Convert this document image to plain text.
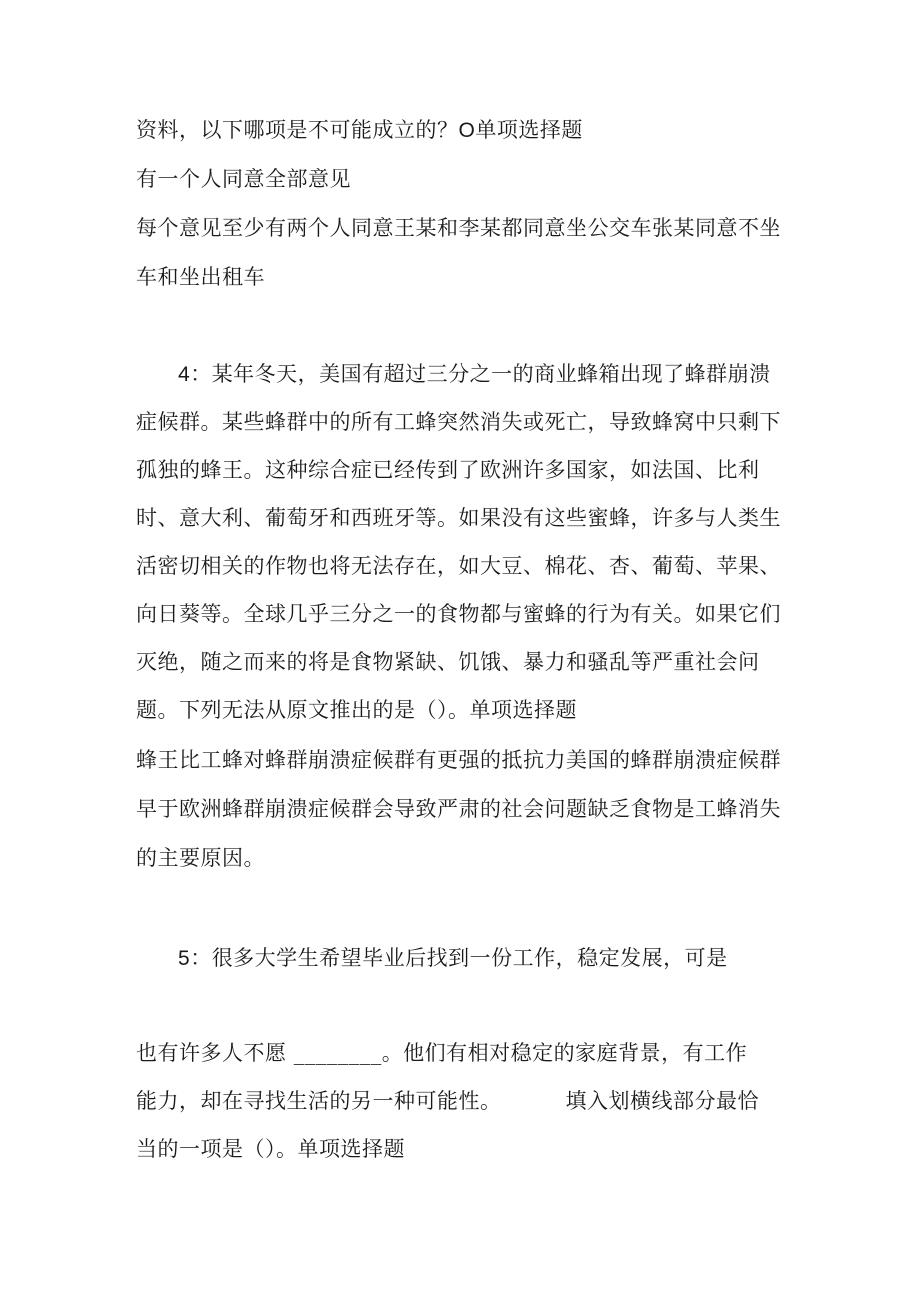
资料，以下哪项是不可能成立的？O单项选择题
有一个人同意全部意见
每个意见至少有两个人同意王某和李某都同意坐公交车张某同意不坐
车和坐出租车
4：某年冬天，美国有超过三分之一的商业蜂箱出现了蜂群崩溃
症候群。某些蜂群中的所有工蜂突然消失或死亡，导致蜂窝中只剩下
孤独的蜂王。这种综合症已经传到了欧洲许多国家，如法国、比利
时、意大利、葡萄牙和西班牙等。如果没有这些蜜蜂，许多与人类生
活密切相关的作物也将无法存在，如大豆、棉花、杏、葡萄、苹果、
向日葵等。全球几乎三分之一的食物都与蜜蜂的行为有关。如果它们
灭绝，随之而来的将是食物紧缺、饥饿、暴力和骚乱等严重社会问
题。下列无法从原文推出的是（）。单项选择题
蜂王比工蜂对蜂群崩溃症候群有更强的抵抗力美国的蜂群崩溃症候群
早于欧洲蜂群崩溃症候群会导致严肃的社会问题缺乏食物是工蜂消失
的主要原因。
5：很多大学生希望毕业后找到一份工作，稳定发展，可是
也有许多人不愿 ________。他们有相对稳定的家庭背景，有工作
能力，却在寻找生活的另一种可能性。	填入划横线部分最恰
当的一项是（）。单项选择题
